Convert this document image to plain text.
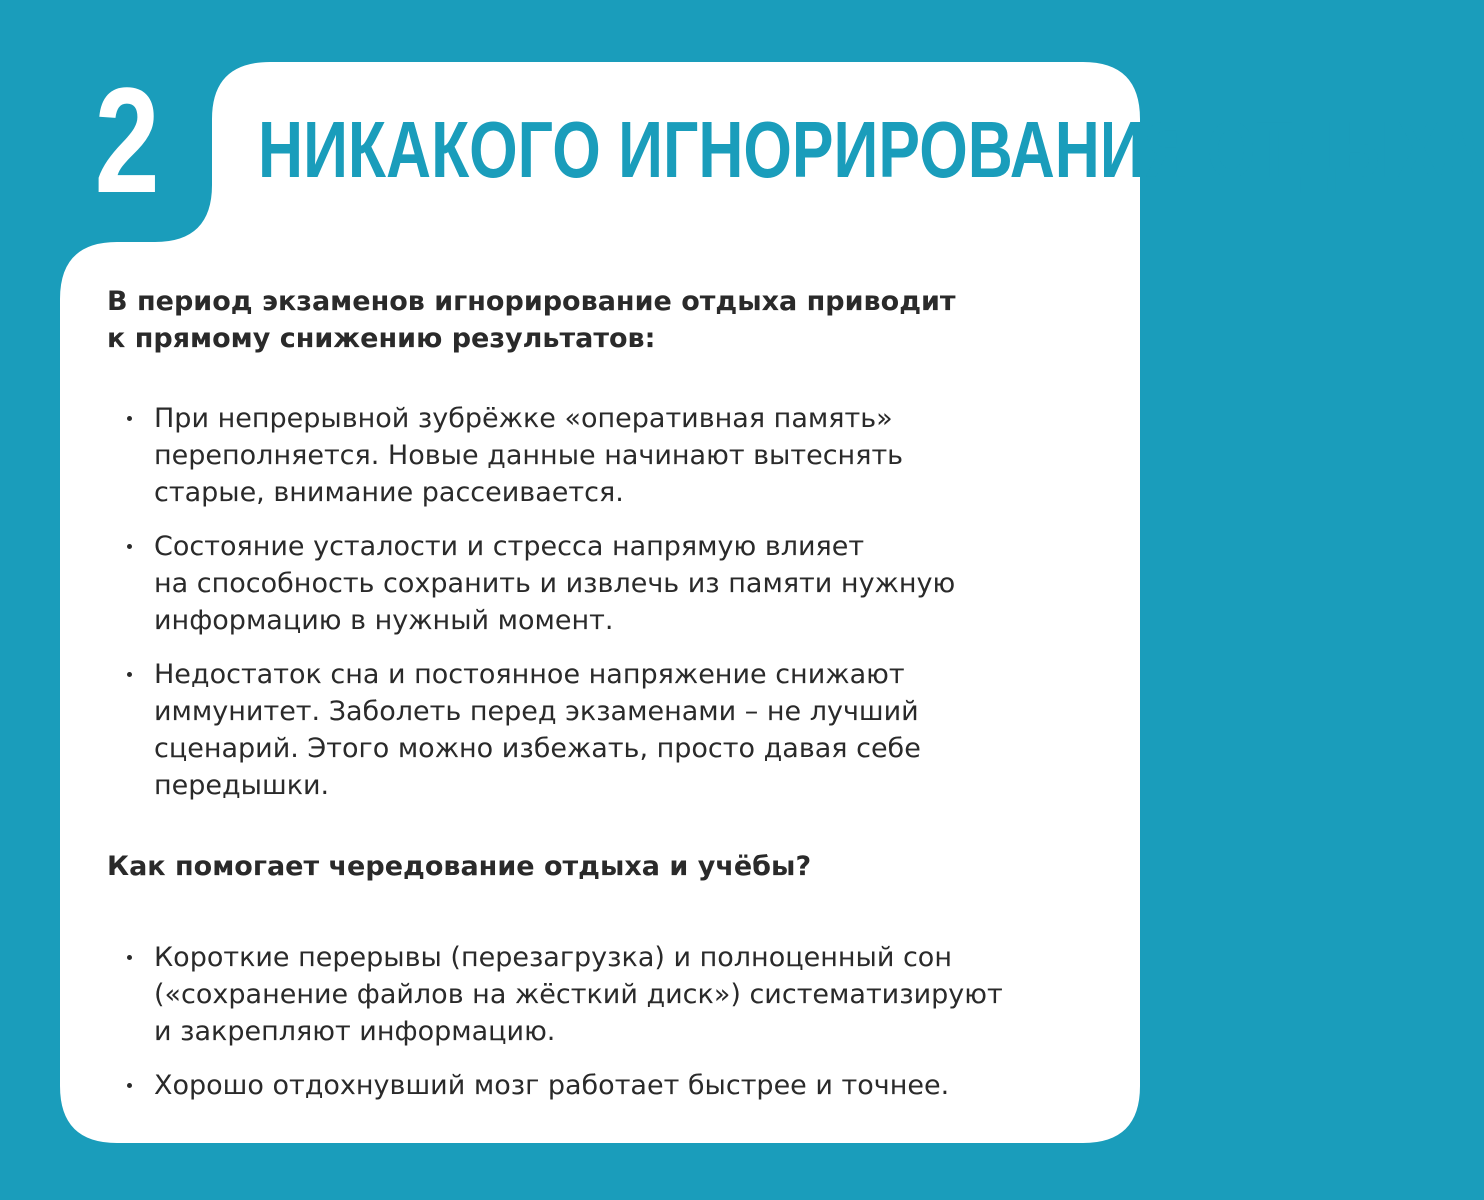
2 НИКАКОГО ИГНОРИРОВАНИЯ ОТДЫХА

В период экзаменов игнорирование отдыха приводит
к прямому снижению результатов:

При непрерывной зубрёжке «оперативная память»
переполняется. Новые данные начинают вытеснять
старые, внимание рассеивается.
Состояние усталости и стресса напрямую влияет
на способность сохранить и извлечь из памяти нужную
информацию в нужный момент.
Недостаток сна и постоянное напряжение снижают
иммунитет. Заболеть перед экзаменами – не лучший
сценарий. Этого можно избежать, просто давая себе
передышки.

Как помогает чередование отдыха и учёбы?

Короткие перерывы (перезагрузка) и полноценный сон
(«сохранение файлов на жёсткий диск») систематизируют
и закрепляют информацию.
Хорошо отдохнувший мозг работает быстрее и точнее.
